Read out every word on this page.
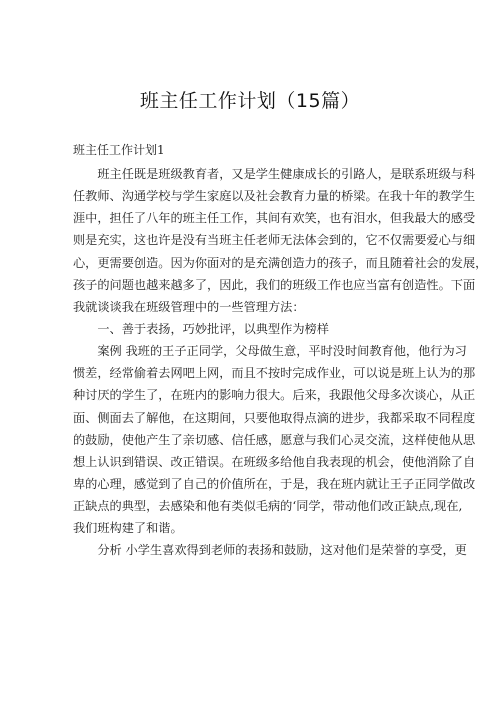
班主任工作计划（15篇）
班主任工作计划1
　　班主任既是班级教育者，又是学生健康成长的引路人，是联系班级与科
任教师、沟通学校与学生家庭以及社会教育力量的桥梁。在我十年的教学生
涯中，担任了八年的班主任工作，其间有欢笑，也有泪水，但我最大的感受
则是充实，这也许是没有当班主任老师无法体会到的，它不仅需要爱心与细
心，更需要创造。因为你面对的是充满创造力的孩子，而且随着社会的发展，
孩子的问题也越来越多了，因此，我们的班级工作也应当富有创造性。下面
我就谈谈我在班级管理中的一些管理方法：
　　一、善于表扬，巧妙批评，以典型作为榜样
　　案例 我班的王子正同学，父母做生意，平时没时间教育他，他行为习
惯差，经常偷着去网吧上网，而且不按时完成作业，可以说是班上认为的那
种讨厌的学生了，在班内的影响力很大。后来，我跟他父母多次谈心，从正
面、侧面去了解他，在这期间，只要他取得点滴的进步，我都采取不同程度
的鼓励，使他产生了亲切感、信任感，愿意与我们心灵交流，这样使他从思
想上认识到错误、改正错误。在班级多给他自我表现的机会，使他消除了自
卑的心理，感觉到了自己的价值所在，于是，我在班内就让王子正同学做改
正缺点的典型，去感染和他有类似毛病的‘同学，带动他们改正缺点,现在,
我们班构建了和谐。
　　分析 小学生喜欢得到老师的表扬和鼓励，这对他们是荣誉的享受，更
